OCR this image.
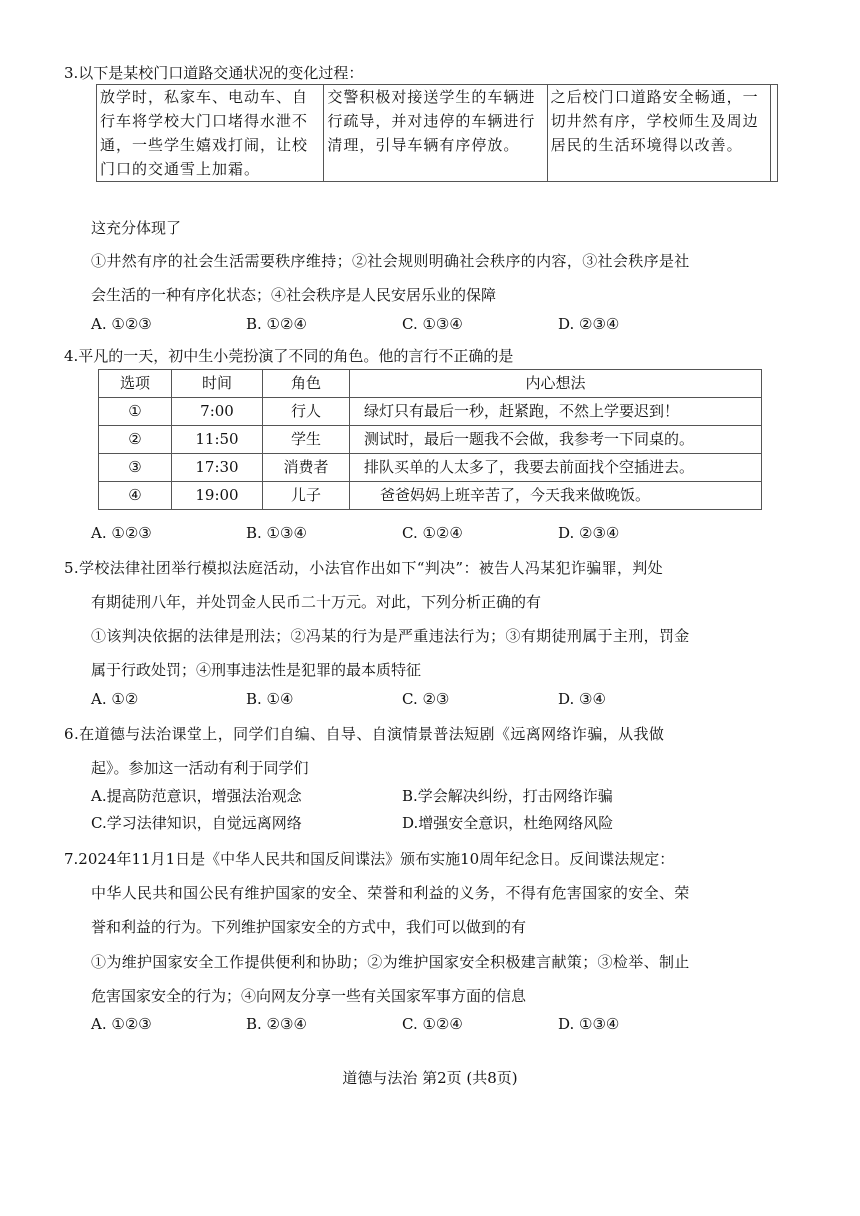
3.以下是某校门口道路交通状况的变化过程：
放学时，私家车、电动车、自行车将学校大门口堵得水泄不通，一些学生嬉戏打闹，让校门口的交通雪上加霜。	交警积极对接送学生的车辆进行疏导，并对违停的车辆进行清理，引导车辆有序停放。	之后校门口道路安全畅通，一切井然有序，学校师生及周边居民的生活环境得以改善。	
这充分体现了
①井然有序的社会生活需要秩序维持；②社会规则明确社会秩序的内容，③社会秩序是社
会生活的一种有序化状态；④社会秩序是人民安居乐业的保障
A. ①②③	B. ①②④	C. ①③④	D. ②③④
4.平凡的一天，初中生小莞扮演了不同的角色。他的言行不正确的是
选项	时间	角色	内心想法
①	7:00	行人	绿灯只有最后一秒，赶紧跑，不然上学要迟到！
②	11:50	学生	测试时，最后一题我不会做，我参考一下同桌的。
③	17:30	消费者	排队买单的人太多了，我要去前面找个空插进去。
④	19:00	儿子	爸爸妈妈上班辛苦了，今天我来做晚饭。
A. ①②③	B. ①③④	C. ①②④	D. ②③④
5.学校法律社团举行模拟法庭活动，小法官作出如下“判决”：被告人冯某犯诈骗罪，判处
有期徒刑八年，并处罚金人民币二十万元。对此，下列分析正确的有
①该判决依据的法律是刑法；②冯某的行为是严重违法行为；③有期徒刑属于主刑，罚金
属于行政处罚；④刑事违法性是犯罪的最本质特征
A. ①②	B. ①④	C. ②③	D. ③④
6.在道德与法治课堂上，同学们自编、自导、自演情景普法短剧《远离网络诈骗，从我做
起》。参加这一活动有利于同学们
A.提高防范意识，增强法治观念	B.学会解决纠纷，打击网络诈骗
C.学习法律知识，自觉远离网络	D.增强安全意识，杜绝网络风险
7.2024年11月1日是《中华人民共和国反间谍法》颁布实施10周年纪念日。反间谍法规定：
中华人民共和国公民有维护国家的安全、荣誉和利益的义务，不得有危害国家的安全、荣
誉和利益的行为。下列维护国家安全的方式中，我们可以做到的有
①为维护国家安全工作提供便利和协助；②为维护国家安全积极建言献策；③检举、制止
危害国家安全的行为；④向网友分享一些有关国家军事方面的信息
A. ①②③	B. ②③④	C. ①②④	D. ①③④
道德与法治 第2页 (共8页)
